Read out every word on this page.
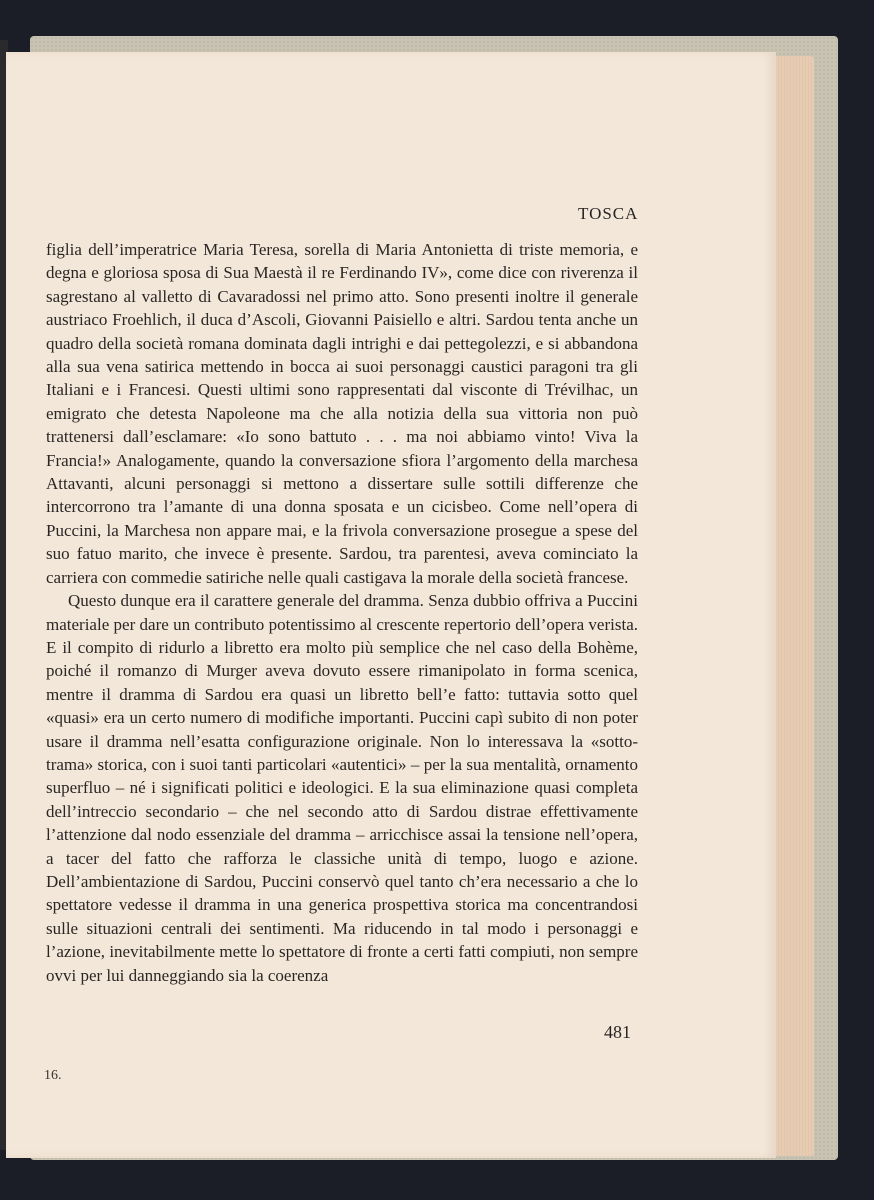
TOSCA

figlia dell’imperatrice Maria Teresa, sorella di Maria Antonietta di triste memoria, e degna e gloriosa sposa di Sua Maestà il re Ferdinando IV», come dice con riverenza il sagrestano al valletto di Cavaradossi nel primo atto. Sono presenti inoltre il generale austriaco Froehlich, il duca d’Ascoli, Giovanni Paisiello e altri. Sardou tenta anche un quadro della società romana dominata dagli intrighi e dai pettegolezzi, e si abbandona alla sua vena satirica mettendo in bocca ai suoi personaggi caustici paragoni tra gli Italiani e i Francesi. Questi ultimi sono rappresentati dal visconte di Trévilhac, un emigrato che detesta Napoleone ma che alla notizia della sua vittoria non può trattenersi dall’esclamare: «Io sono battuto . . . ma noi abbiamo vinto! Viva la Francia!» Analogamente, quando la conversazione sfiora l’argomento della marchesa Attavanti, alcuni personaggi si mettono a dissertare sulle sottili differenze che intercorrono tra l’amante di una donna sposata e un cicisbeo. Come nell’opera di Puccini, la Marchesa non appare mai, e la frivola conversazione prosegue a spese del suo fatuo marito, che invece è presente. Sardou, tra parentesi, aveva cominciato la carriera con commedie satiriche nelle quali castigava la morale della società francese.

Questo dunque era il carattere generale del dramma. Senza dubbio offriva a Puccini materiale per dare un contributo potentissimo al crescente repertorio dell’opera verista. E il compito di ridurlo a libretto era molto più semplice che nel caso della Bohème, poiché il romanzo di Murger aveva dovuto essere rimanipolato in forma scenica, mentre il dramma di Sardou era quasi un libretto bell’e fatto: tuttavia sotto quel «quasi» era un certo numero di modifiche importanti. Puccini capì subito di non poter usare il dramma nell’esatta configurazione originale. Non lo interessava la «sotto-trama» storica, con i suoi tanti particolari «autentici» – per la sua mentalità, ornamento superfluo – né i significati politici e ideologici. E la sua eliminazione quasi completa dell’intreccio secondario – che nel secondo atto di Sardou distrae effettivamente l’attenzione dal nodo essenziale del dramma – arricchisce assai la tensione nell’opera, a tacer del fatto che rafforza le classiche unità di tempo, luogo e azione. Dell’ambientazione di Sardou, Puccini conservò quel tanto ch’era necessario a che lo spettatore vedesse il dramma in una generica prospettiva storica ma concentrandosi sulle situazioni centrali dei sentimenti. Ma riducendo in tal modo i personaggi e l’azione, inevitabilmente mette lo spettatore di fronte a certi fatti compiuti, non sempre ovvi per lui danneggiando sia la coerenza

481
16.
